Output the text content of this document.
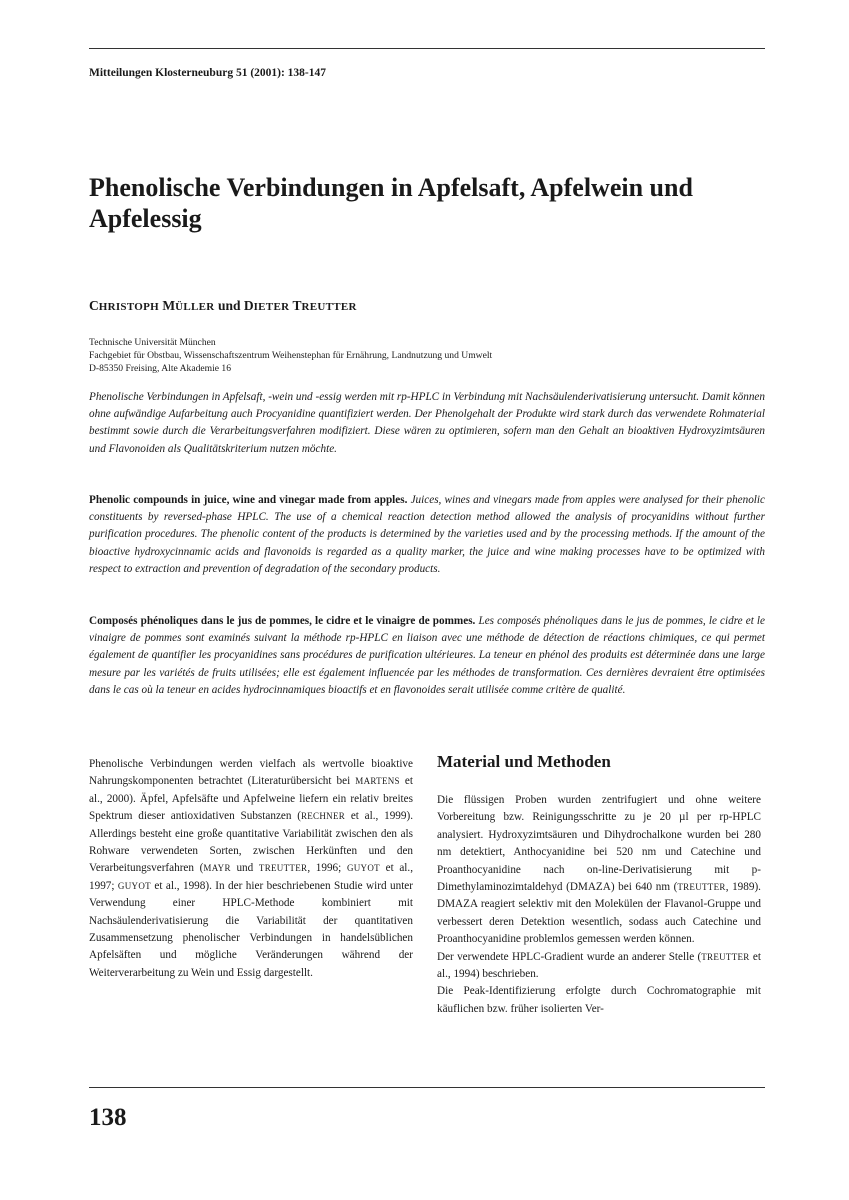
Mitteilungen Klosterneuburg 51 (2001): 138-147
Phenolische Verbindungen in Apfelsaft, Apfelwein und Apfelessig
CHRISTOPH MÜLLER und DIETER TREUTTER
Technische Universität München
Fachgebiet für Obstbau, Wissenschaftszentrum Weihenstephan für Ernährung, Landnutzung und Umwelt
D-85350 Freising, Alte Akademie 16

Phenolische Verbindungen in Apfelsaft, -wein und -essig werden mit rp-HPLC in Verbindung mit Nachsäulenderivatisierung untersucht. Damit können ohne aufwändige Aufarbeitung auch Procyanidine quantifiziert werden. Der Phenolgehalt der Produkte wird stark durch das verwendete Rohmaterial bestimmt sowie durch die Verarbeitungsverfahren modifiziert. Diese wären zu optimieren, sofern man den Gehalt an bioaktiven Hydroxyzimtsäuren und Flavonoiden als Qualitätskriterium nutzen möchte.

Phenolic compounds in juice, wine and vinegar made from apples. Juices, wines and vinegars made from apples were analysed for their phenolic constituents by reversed-phase HPLC. The use of a chemical reaction detection method allowed the analysis of procyanidins without further purification procedures. The phenolic content of the products is determined by the varieties used and by the processing methods. If the amount of the bioactive hydroxycinnamic acids and flavonoids is regarded as a quality marker, the juice and wine making processes have to be optimized with respect to extraction and prevention of degradation of the secondary products.

Composés phénoliques dans le jus de pommes, le cidre et le vinaigre de pommes. Les composés phénoliques dans le jus de pommes, le cidre et le vinaigre de pommes sont examinés suivant la méthode rp-HPLC en liaison avec une méthode de détection de réactions chimiques, ce qui permet également de quantifier les procyanidines sans procédures de purification ultérieures. La teneur en phénol des produits est déterminée dans une large mesure par les variétés de fruits utilisées; elle est également influencée par les méthodes de transformation. Ces dernières devraient être optimisées dans le cas où la teneur en acides hydrocinnamiques bioactifs et en flavonoides serait utilisée comme critère de qualité.

Phenolische Verbindungen werden vielfach als wertvolle bioaktive Nahrungskomponenten betrachtet (Literaturübersicht bei MARTENS et al., 2000). Äpfel, Apfelsäfte und Apfelweine liefern ein relativ breites Spektrum dieser antioxidativen Substanzen (RECHNER et al., 1999). Allerdings besteht eine große quantitative Variabilität zwischen den als Rohware verwendeten Sorten, zwischen Herkünften und den Verarbeitungsverfahren (MAYR und TREUTTER, 1996; GUYOT et al., 1997; GUYOT et al., 1998). In der hier beschriebenen Studie wird unter Verwendung einer HPLC-Methode kombiniert mit Nachsäulenderivatisierung die Variabilität der quantitativen Zusammensetzung phenolischer Verbindungen in handelsüblichen Apfelsäften und mögliche Veränderungen während der Weiterverarbeitung zu Wein und Essig dargestellt.

Material und Methoden

Die flüssigen Proben wurden zentrifugiert und ohne weitere Vorbereitung bzw. Reinigungsschritte zu je 20 µl per rp-HPLC analysiert. Hydroxyzimtsäuren und Dihydrochalkone wurden bei 280 nm detektiert, Anthocyanidine bei 520 nm und Catechine und Proanthocyanidine nach on-line-Derivatisierung mit p-Dimethylaminozimtaldehyd (DMAZA) bei 640 nm (TREUTTER, 1989). DMAZA reagiert selektiv mit den Molekülen der Flavanol-Gruppe und verbessert deren Detektion wesentlich, sodass auch Catechine und Proanthocyanidine problemlos gemessen werden können.

Der verwendete HPLC-Gradient wurde an anderer Stelle (TREUTTER et al., 1994) beschrieben.

Die Peak-Identifizierung erfolgte durch Cochromatographie mit käuflichen bzw. früher isolierten Ver-

138
